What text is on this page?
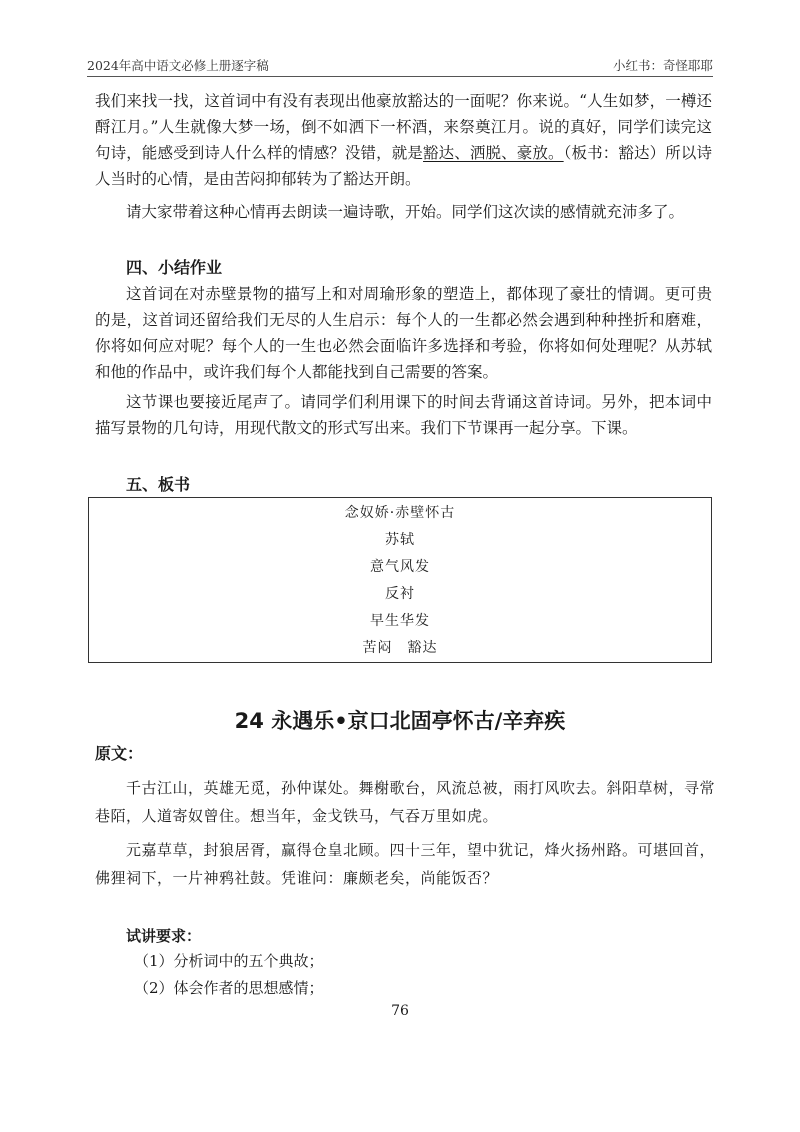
2024年高中语文必修上册逐字稿	小红书：奇怪耶耶

我们来找一找，这首词中有没有表现出他豪放豁达的一面呢？你来说。“人生如梦，一樽还酹江月。”人生就像大梦一场，倒不如洒下一杯酒，来祭奠江月。说的真好，同学们读完这句诗，能感受到诗人什么样的情感？没错，就是豁达、洒脱、豪放。（板书：豁达）所以诗人当时的心情，是由苦闷抑郁转为了豁达开朗。

请大家带着这种心情再去朗读一遍诗歌，开始。同学们这次读的感情就充沛多了。

四、小结作业

这首词在对赤壁景物的描写上和对周瑜形象的塑造上，都体现了豪壮的情调。更可贵的是，这首词还留给我们无尽的人生启示：每个人的一生都必然会遇到种种挫折和磨难，你将如何应对呢？每个人的一生也必然会面临许多选择和考验，你将如何处理呢？从苏轼和他的作品中，或许我们每个人都能找到自己需要的答案。

这节课也要接近尾声了。请同学们利用课下的时间去背诵这首诗词。另外，把本词中描写景物的几句诗，用现代散文的形式写出来。我们下节课再一起分享。下课。

五、板书
念奴娇·赤壁怀古
苏轼
意气风发
反衬
早生华发
苦闷　豁达
24 永遇乐•京口北固亭怀古/辛弃疾
原文：

千古江山，英雄无觅，孙仲谋处。舞榭歌台，风流总被，雨打风吹去。斜阳草树，寻常巷陌，人道寄奴曾住。想当年，金戈铁马，气吞万里如虎。

元嘉草草，封狼居胥，赢得仓皇北顾。四十三年，望中犹记，烽火扬州路。可堪回首，佛狸祠下，一片神鸦社鼓。凭谁问：廉颇老矣，尚能饭否？

试讲要求：
（1）分析词中的五个典故；
（2）体会作者的思想感情；
76
